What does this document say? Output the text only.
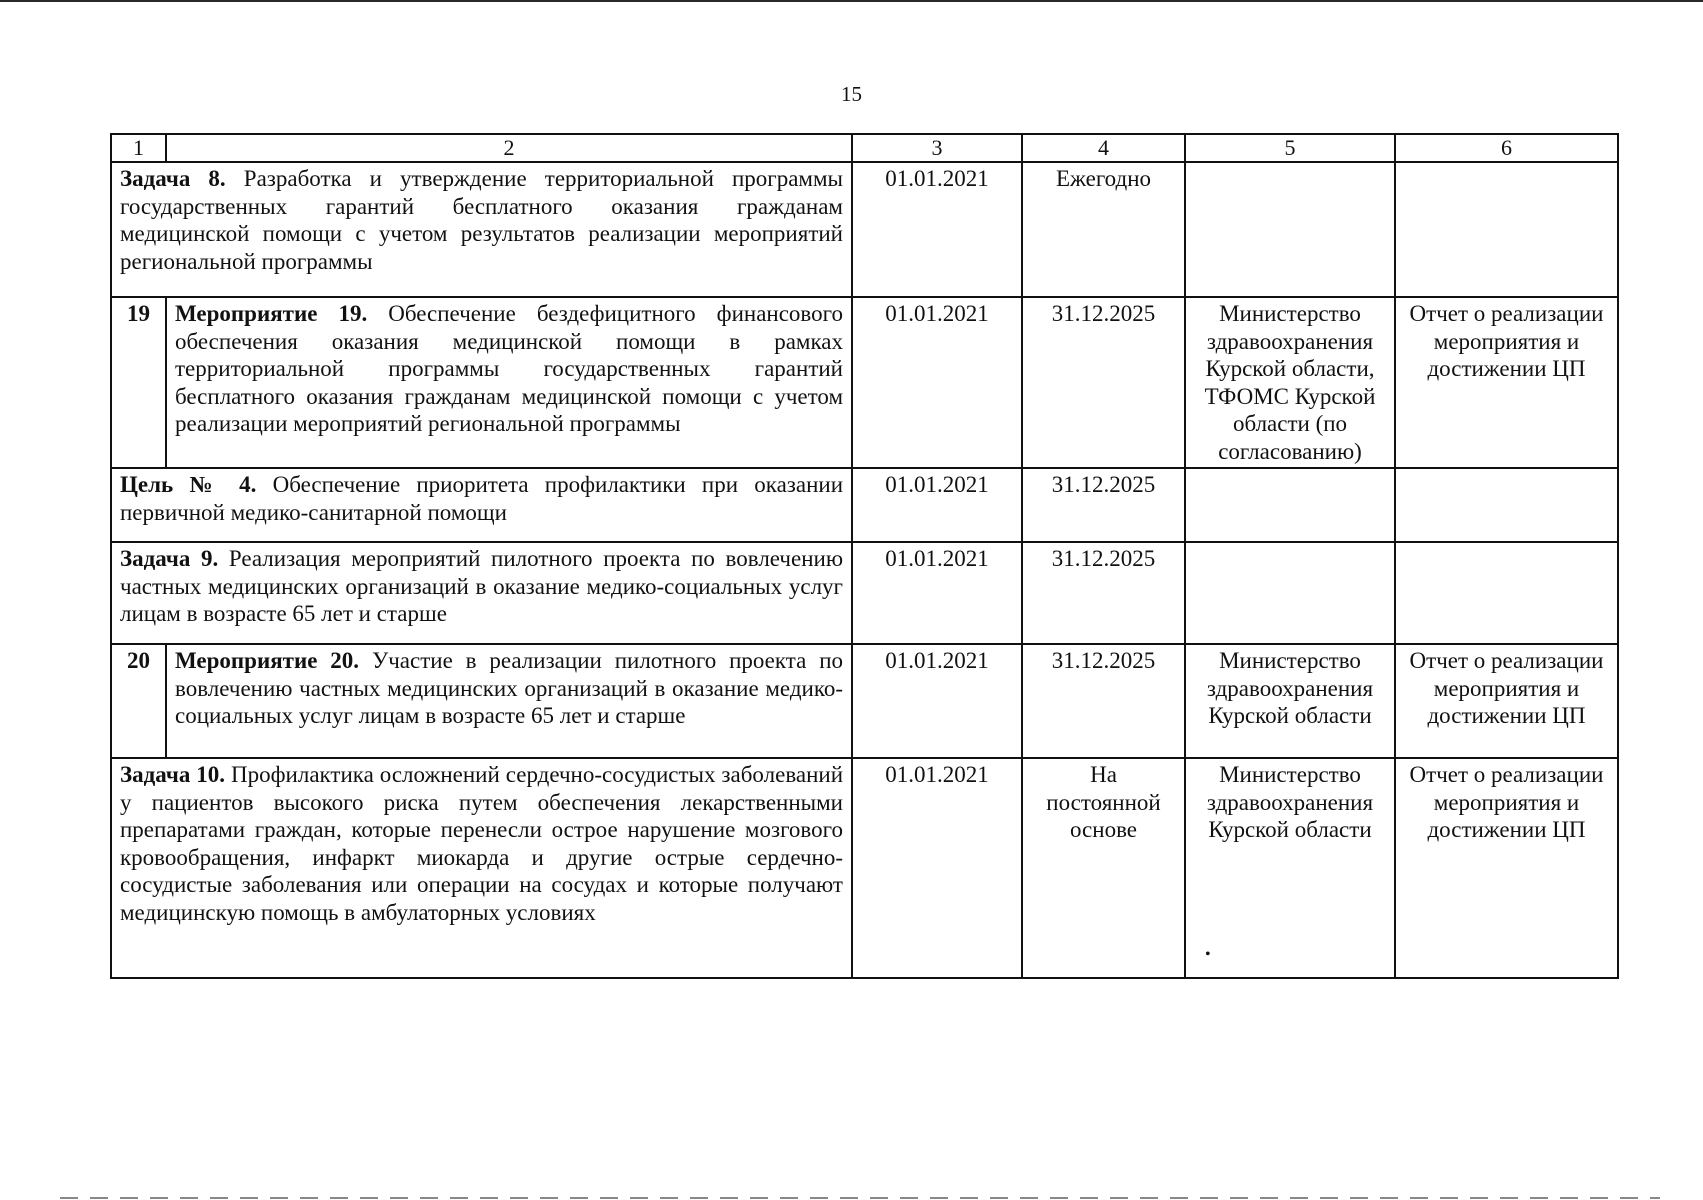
15
1	2	3	4	5	6
Задача 8. Разработка и утверждение территориальной программы государственных гарантий бесплатного оказания гражданам медицинской помощи с учетом результатов реализации мероприятий региональной программы		01.01.2021	Ежегодно		
19	Мероприятие 19. Обеспечение бездефицитного финансового обеспечения оказания медицинской помощи в рамках территориальной программы государственных гарантий бесплатного оказания гражданам медицинской помощи с учетом реализации мероприятий региональной программы	01.01.2021	31.12.2025	Министерство здравоохранения Курской области, ТФОМС Курской области (по согласованию)	Отчет о реализации мероприятия и достижении ЦП
Цель № 4. Обеспечение приоритета профилактики при оказании первичной медико-санитарной помощи		01.01.2021	31.12.2025		
Задача 9. Реализация мероприятий пилотного проекта по вовлечению частных медицинских организаций в оказание медико-социальных услуг лицам в возрасте 65 лет и старше		01.01.2021	31.12.2025		
20	Мероприятие 20. Участие в реализации пилотного проекта по вовлечению частных медицинских организаций в оказание медико-социальных услуг лицам в возрасте 65 лет и старше	01.01.2021	31.12.2025	Министерство здравоохранения Курской области	Отчет о реализации мероприятия и достижении ЦП
Задача 10. Профилактика осложнений сердечно-сосудистых заболеваний у пациентов высокого риска путем обеспечения лекарственными препаратами граждан, которые перенесли острое нарушение мозгового кровообращения, инфаркт миокарда и другие острые сердечно-сосудистые заболевания или операции на сосудах и которые получают медицинскую помощь в амбулаторных условиях		01.01.2021	На постоянной основе	Министерство здравоохранения Курской области	Отчет о реализации мероприятия и достижении ЦП
•
